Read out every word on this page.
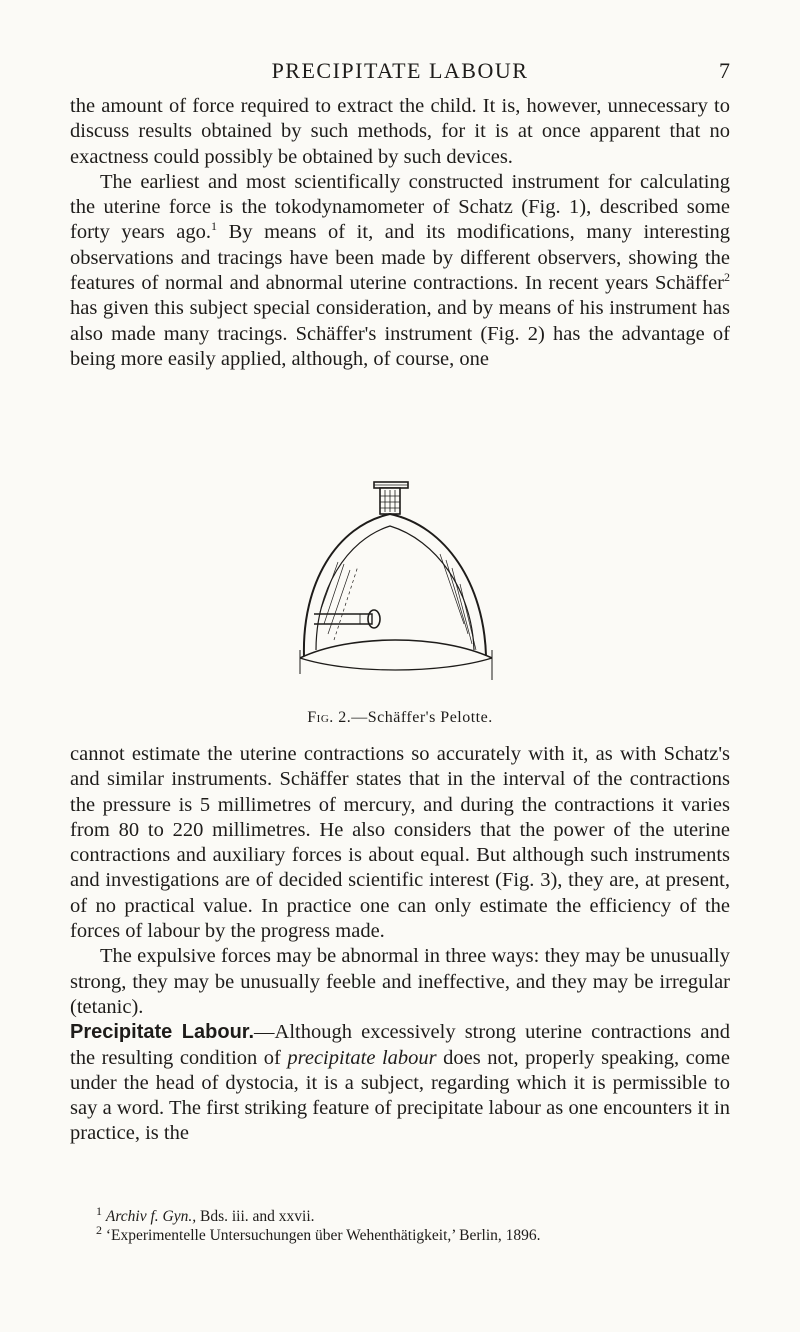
PRECIPITATE LABOUR	7

the amount of force required to extract the child. It is, however, unnecessary to discuss results obtained by such methods, for it is at once apparent that no exactness could possibly be obtained by such devices.

The earliest and most scientifically constructed instrument for calculating the uterine force is the tokodynamometer of Schatz (Fig. 1), described some forty years ago.$^1$ By means of it, and its modifications, many interesting observations and tracings have been made by different observers, showing the features of normal and abnormal uterine contractions. In recent years Schäffer$^2$ has given this subject special consideration, and by means of his instrument has also made many tracings. Schäffer's instrument (Fig. 2) has the advantage of being more easily applied, although, of course, one

Fig. 2.—Schäffer's Pelotte.

cannot estimate the uterine contractions so accurately with it, as with Schatz's and similar instruments. Schäffer states that in the interval of the contractions the pressure is 5 millimetres of mercury, and during the contractions it varies from 80 to 220 millimetres. He also considers that the power of the uterine contractions and auxiliary forces is about equal. But although such instruments and investigations are of decided scientific interest (Fig. 3), they are, at present, of no practical value. In practice one can only estimate the efficiency of the forces of labour by the progress made.

The expulsive forces may be abnormal in three ways: they may be unusually strong, they may be unusually feeble and ineffective, and they may be irregular (tetanic).

Precipitate Labour.—Although excessively strong uterine contractions and the resulting condition of precipitate labour does not, properly speaking, come under the head of dystocia, it is a subject, regarding which it is permissible to say a word. The first striking feature of precipitate labour as one encounters it in practice, is the

$^1$ Archiv f. Gyn., Bds. iii. and xxvii.

$^2$ ‘Experimentelle Untersuchungen über Wehenthätigkeit,’ Berlin, 1896.
